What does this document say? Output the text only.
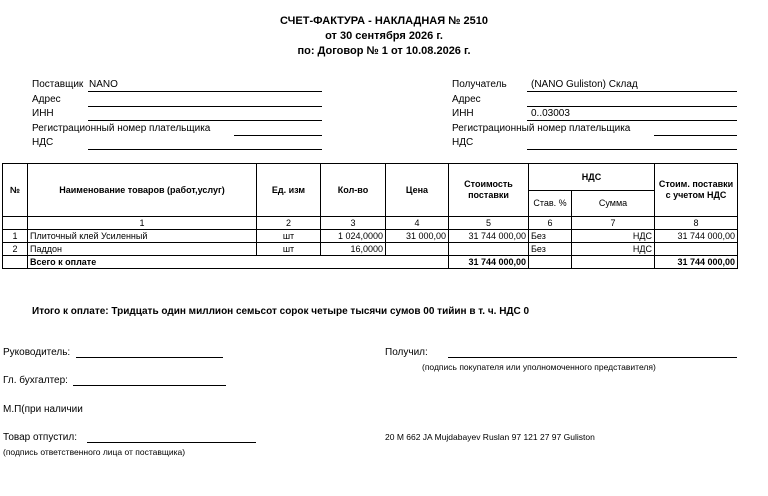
СЧЕТ-ФАКТУРА - НАКЛАДНАЯ № 2510
от 30 сентября 2026 г.
по: Договор № 1 от 10.08.2026 г.
Поставщик NANO
Адрес
ИНН
Регистрационный номер плательщика
НДС
Получатель (NANO Guliston) Склад
Адрес
ИНН	0..03003
Регистрационный номер плательщика
НДС
№	Наименование товаров (работ,услуг)	Ед. изм	Кол-во	Цена	Стоимость поставки	НДС		Стоим. поставки с учетом НДС
						Став. %	Сумма	
	1	2	3	4	5	6	7	8
1	Плиточный клей Усиленный	шт	1 024,0000	31 000,00	31 744 000,00	Без	НДС	31 744 000,00
2	Паддон	шт	16,0000			Без	НДС	
	Всего к оплате				31 744 000,00			31 744 000,00
Итого к оплате: Тридцать один миллион семьсот сорок четыре тысячи сумов 00 тийин в т. ч. НДС 0
Руководитель:
Гл. бухгалтер:
М.П(при наличии
Товар отпустил:
(подпись ответственного лица от поставщика)
Получил:
(подпись покупателя или уполномоченного представителя)
20 M 662 JA Mujdabayev Ruslan 97 121 27 97 Guliston
